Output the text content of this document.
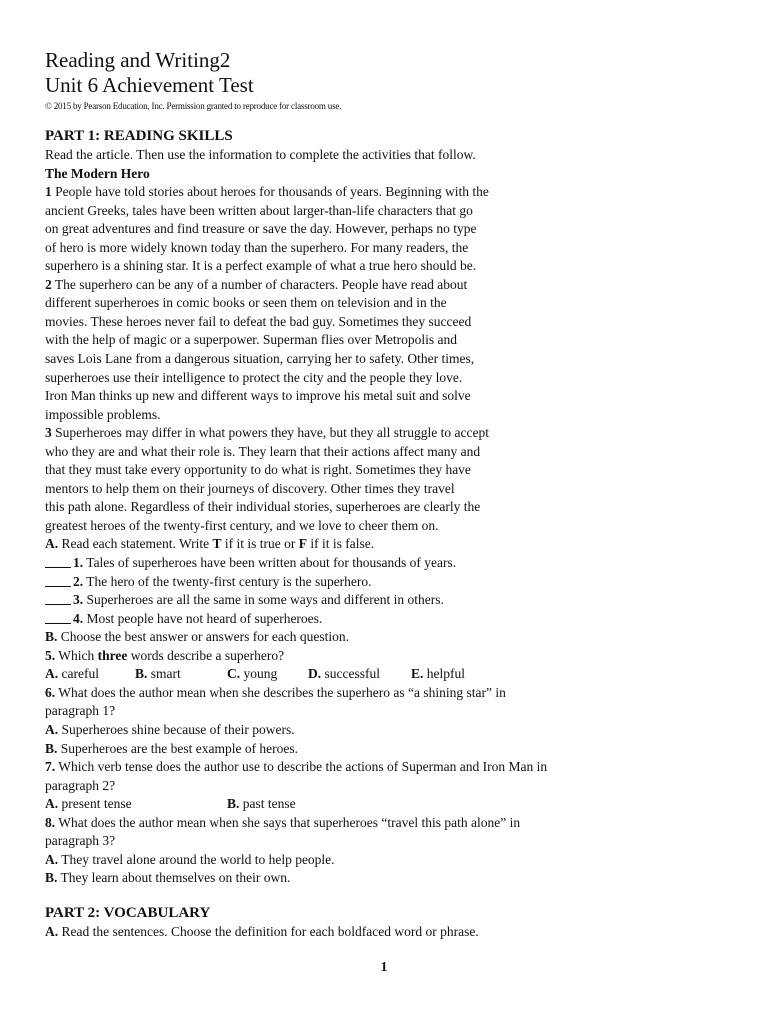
Reading and Writing2
Unit 6 Achievement Test
© 2015 by Pearson Education, Inc. Permission granted to reproduce for classroom use.
PART 1: READING SKILLS
Read the article. Then use the information to complete the activities that follow.
The Modern Hero
1 People have told stories about heroes for thousands of years. Beginning with the
ancient Greeks, tales have been written about larger-than-life characters that go
on great adventures and find treasure or save the day. However, perhaps no type
of hero is more widely known today than the superhero. For many readers, the
superhero is a shining star. It is a perfect example of what a true hero should be.
2 The superhero can be any of a number of characters. People have read about
different superheroes in comic books or seen them on television and in the
movies. These heroes never fail to defeat the bad guy. Sometimes they succeed
with the help of magic or a superpower. Superman flies over Metropolis and
saves Lois Lane from a dangerous situation, carrying her to safety. Other times,
superheroes use their intelligence to protect the city and the people they love.
Iron Man thinks up new and different ways to improve his metal suit and solve
impossible problems.
3 Superheroes may differ in what powers they have, but they all struggle to accept
who they are and what their role is. They learn that their actions affect many and
that they must take every opportunity to do what is right. Sometimes they have
mentors to help them on their journeys of discovery. Other times they travel
this path alone. Regardless of their individual stories, superheroes are clearly the
greatest heroes of the twenty-first century, and we love to cheer them on.
A. Read each statement. Write T if it is true or F if it is false.
1. Tales of superheroes have been written about for thousands of years.
2. The hero of the twenty-first century is the superhero.
3. Superheroes are all the same in some ways and different in others.
4. Most people have not heard of superheroes.
B. Choose the best answer or answers for each question.
5. Which three words describe a superhero?
A. careful	B. smart	C. young D. successful E. helpful
6. What does the author mean when she describes the superhero as “a shining star” in
paragraph 1?
A. Superheroes shine because of their powers.
B. Superheroes are the best example of heroes.
7. Which verb tense does the author use to describe the actions of Superman and Iron Man in
paragraph 2?
A. present tense	B. past tense
8. What does the author mean when she says that superheroes “travel this path alone” in
paragraph 3?
A. They travel alone around the world to help people.
B. They learn about themselves on their own.
PART 2: VOCABULARY
A. Read the sentences. Choose the definition for each boldfaced word or phrase.
1
